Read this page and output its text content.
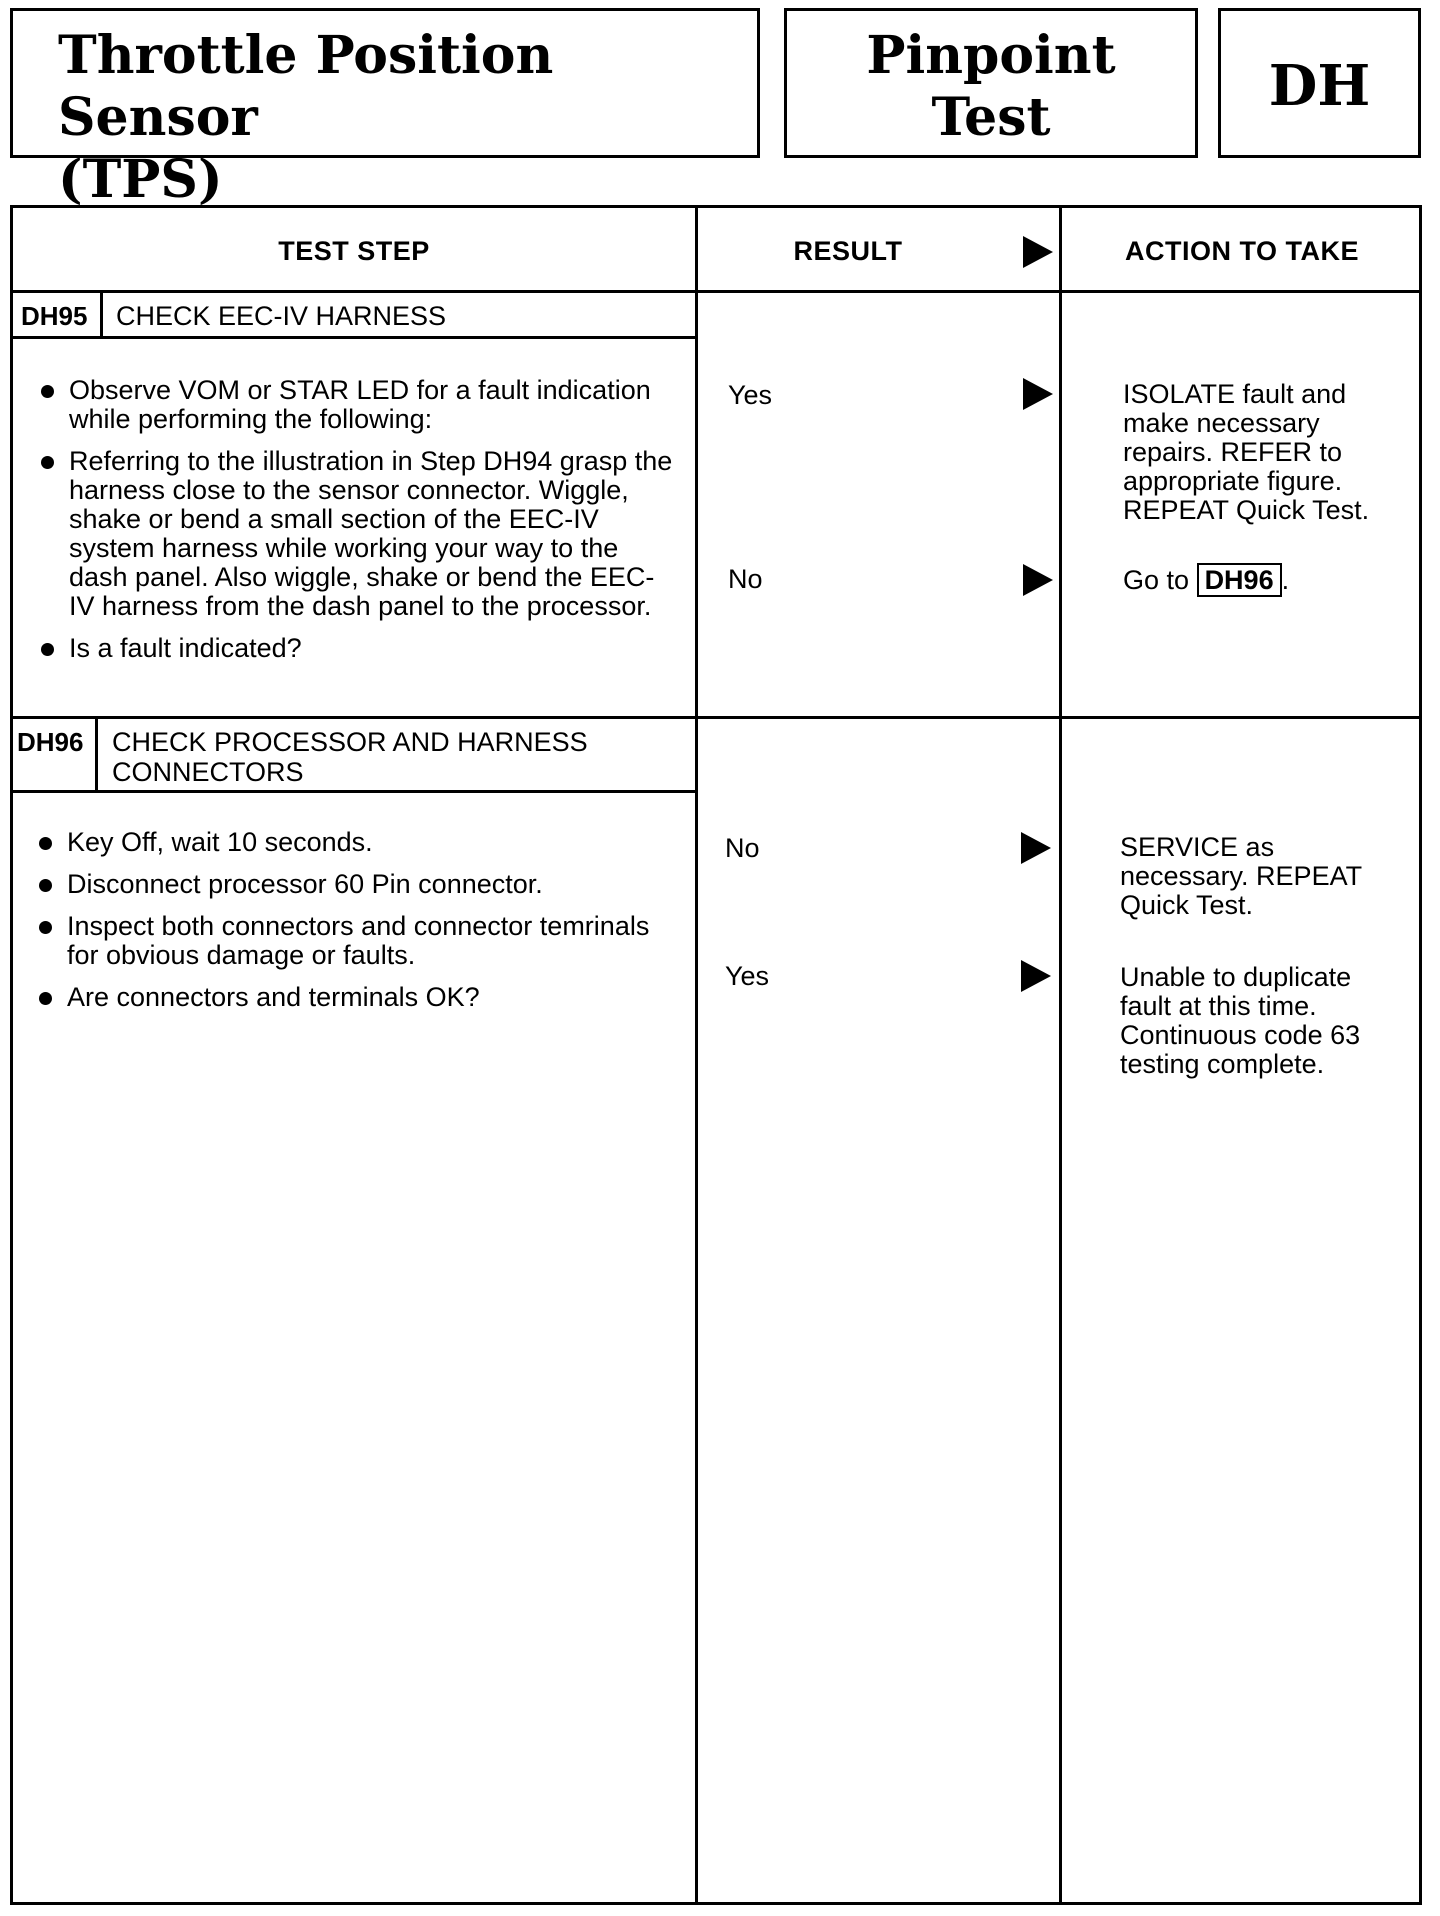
Throttle Position Sensor
(TPS)
Pinpoint
Test	DH
TEST STEP	RESULT	ACTION TO TAKE
DH95 CHECK EEC-IV HARNESS
Observe VOM or STAR LED for a fault indication while performing the following:
Referring to the illustration in Step DH94 grasp the harness close to the sensor connector. Wiggle, shake or bend a small section of the EEC-IV system harness while working your way to the dash panel. Also wiggle, shake or bend the EEC-IV harness from the dash panel to the processor.
Is a fault indicated?
Yes	ISOLATE fault and
make necessary
repairs. REFER to
appropriate figure.
REPEAT Quick Test.
No	Go to DH96 .
DH96 CHECK PROCESSOR AND HARNESS
CONNECTORS
Key Off, wait 10 seconds.
Disconnect processor 60 Pin connector.
Inspect both connectors and connector temrinals for obvious damage or faults.
Are connectors and terminals OK?
No	SERVICE as
necessary. REPEAT
Quick Test.
Yes	Unable to duplicate
fault at this time.
Continuous code 63
testing complete.
